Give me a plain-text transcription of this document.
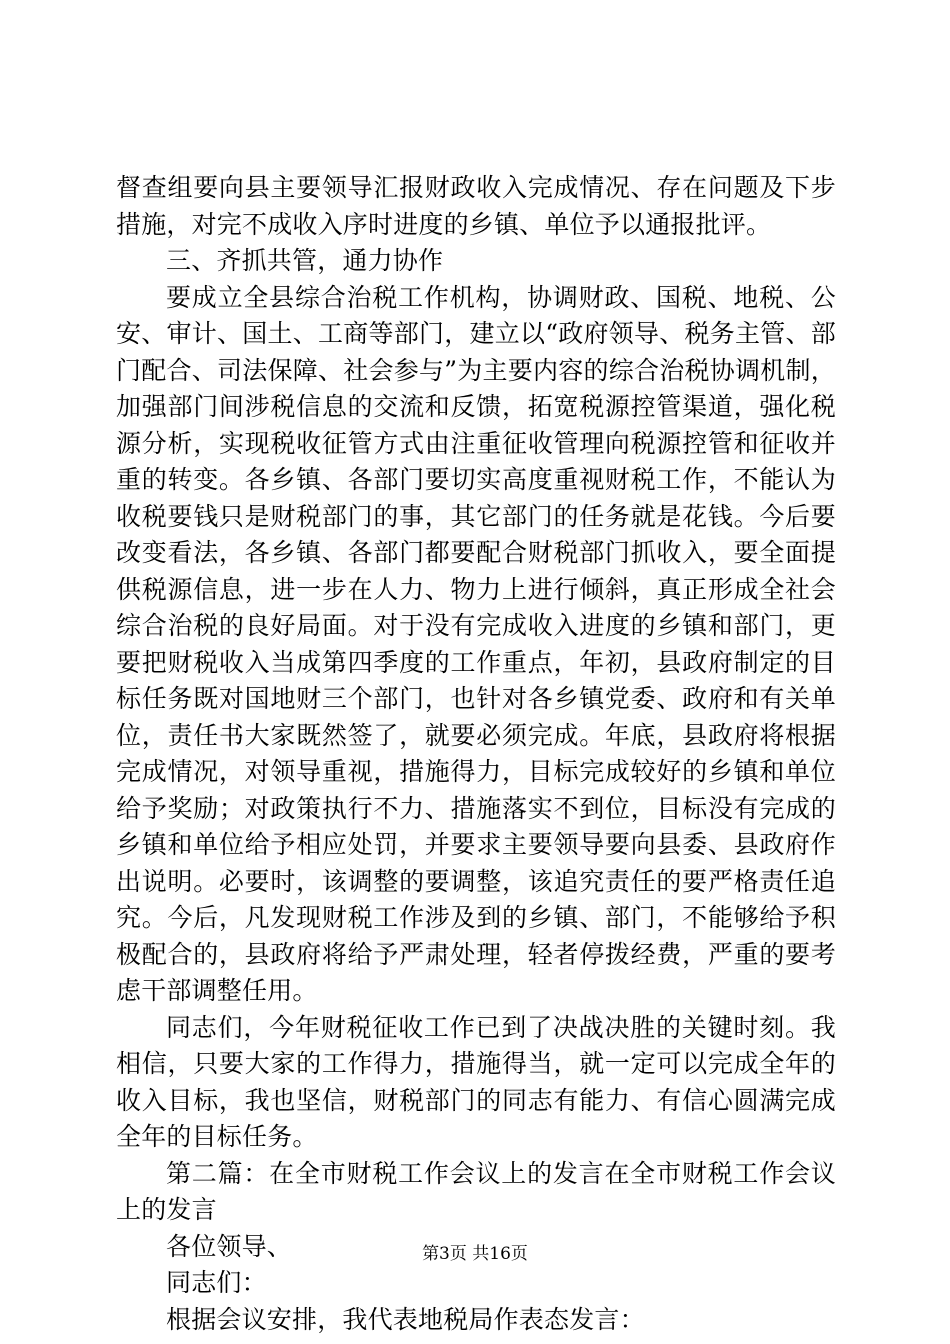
督查组要向县主要领导汇报财政收入完成情况、存在问题及下步措施，对完不成收入序时进度的乡镇、单位予以通报批评。

三、齐抓共管，通力协作

要成立全县综合治税工作机构，协调财政、国税、地税、公安、审计、国土、工商等部门，建立以“政府领导、税务主管、部门配合、司法保障、社会参与”为主要内容的综合治税协调机制，加强部门间涉税信息的交流和反馈，拓宽税源控管渠道，强化税源分析，实现税收征管方式由注重征收管理向税源控管和征收并重的转变。各乡镇、各部门要切实高度重视财税工作，不能认为收税要钱只是财税部门的事，其它部门的任务就是花钱。今后要改变看法，各乡镇、各部门都要配合财税部门抓收入，要全面提供税源信息，进一步在人力、物力上进行倾斜，真正形成全社会综合治税的良好局面。对于没有完成收入进度的乡镇和部门，更要把财税收入当成第四季度的工作重点，年初，县政府制定的目标任务既对国地财三个部门，也针对各乡镇党委、政府和有关单位，责任书大家既然签了，就要必须完成。年底，县政府将根据完成情况，对领导重视，措施得力，目标完成较好的乡镇和单位给予奖励；对政策执行不力、措施落实不到位，目标没有完成的乡镇和单位给予相应处罚，并要求主要领导要向县委、县政府作出说明。必要时，该调整的要调整，该追究责任的要严格责任追究。今后，凡发现财税工作涉及到的乡镇、部门，不能够给予积极配合的，县政府将给予严肃处理，轻者停拨经费，严重的要考虑干部调整任用。

同志们，今年财税征收工作已到了决战决胜的关键时刻。我相信，只要大家的工作得力，措施得当，就一定可以完成全年的收入目标，我也坚信，财税部门的同志有能力、有信心圆满完成全年的目标任务。

第二篇：在全市财税工作会议上的发言在全市财税工作会议上的发言

各位领导、

同志们：

根据会议安排，我代表地税局作表态发言：

第3页 共16页
